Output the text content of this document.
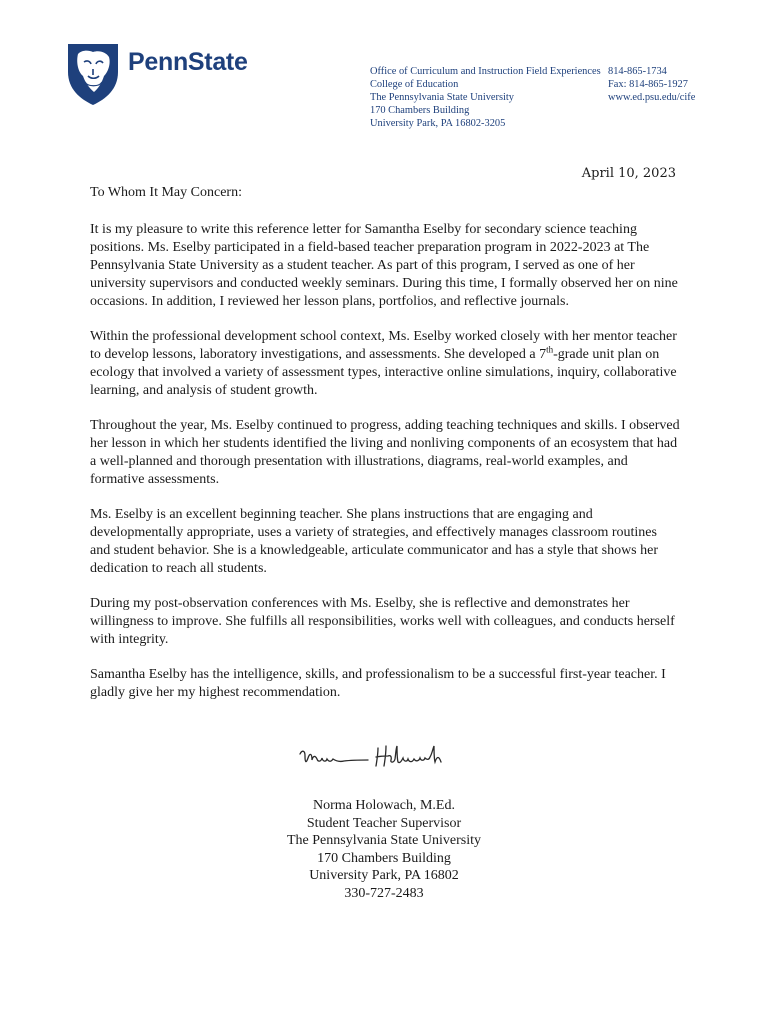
PennState	Office of Curriculum and Instruction Field Experiences
College of Education
The Pennsylvania State University
170 Chambers Building
University Park, PA 16802-3205
814-865-1734
Fax: 814-865-1927
www.ed.psu.edu/cife
April 10, 2023
To Whom It May Concern:

It is my pleasure to write this reference letter for Samantha Eselby for secondary science teaching positions. Ms. Eselby participated in a field-based teacher preparation program in 2022-2023 at The Pennsylvania State University as a student teacher. As part of this program, I served as one of her university supervisors and conducted weekly seminars. During this time, I formally observed her on nine occasions. In addition, I reviewed her lesson plans, portfolios, and reflective journals.

Within the professional development school context, Ms. Eselby worked closely with her mentor teacher to develop lessons, laboratory investigations, and assessments. She developed a 7th-grade unit plan on ecology that involved a variety of assessment types, interactive online simulations, inquiry, collaborative learning, and analysis of student growth.

Throughout the year, Ms. Eselby continued to progress, adding teaching techniques and skills. I observed her lesson in which her students identified the living and nonliving components of an ecosystem that had a well-planned and thorough presentation with illustrations, diagrams, real-world examples, and formative assessments.

Ms. Eselby is an excellent beginning teacher. She plans instructions that are engaging and developmentally appropriate, uses a variety of strategies, and effectively manages classroom routines and student behavior. She is a knowledgeable, articulate communicator and has a style that shows her dedication to reach all students.

During my post-observation conferences with Ms. Eselby, she is reflective and demonstrates her willingness to improve. She fulfills all responsibilities, works well with colleagues, and conducts herself with integrity.

Samantha Eselby has the intelligence, skills, and professionalism to be a successful first-year teacher. I gladly give her my highest recommendation.

Norma Holowach, M.Ed.
Student Teacher Supervisor
The Pennsylvania State University
170 Chambers Building
University Park, PA 16802
330-727-2483
